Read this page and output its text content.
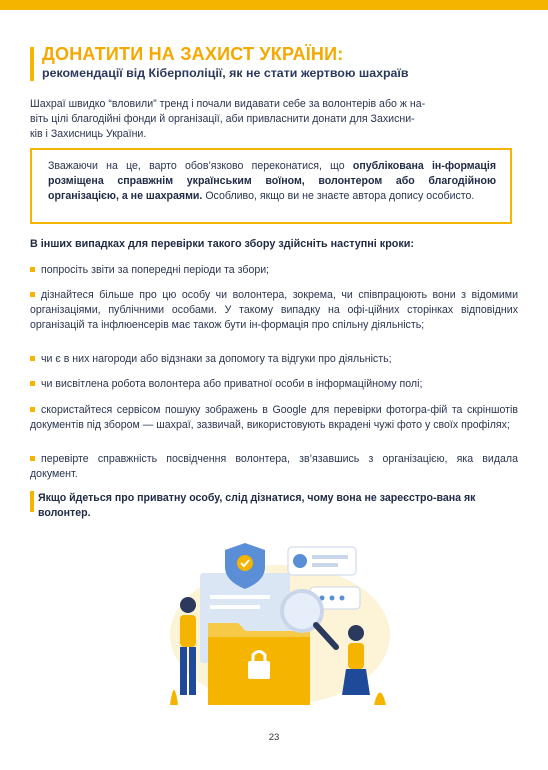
ДОНАТИТИ НА ЗАХИСТ УКРАЇНИ:
рекомендації від Кіберполіції, як не стати жертвою шахраїв
Шахраї швидко “вловили” тренд і почали видавати себе за волонтерів або ж на-
віть цілі благодійні фонди й організації, аби привласнити донати для Захисни-
ків і Захисниць України.
Зважаючи на це, варто обов’язково переконатися, що опублікована ін-формація розміщена справжнім українським воїном, волонтером або благодійною організацією, а не шахраями. Особливо, якщо ви не знаєте автора допису особисто.
В інших випадках для перевірки такого збору здійсніть наступні кроки:
попросіть звіти за попередні періоди та збори;
дізнайтеся більше про цю особу чи волонтера, зокрема, чи співпрацюють вони з відомими організаціями, публічними особами. У такому випадку на офі-ційних сторінках відповідних організацій та інфлюенсерів має також бути ін-формація про спільну діяльність;
чи є в них нагороди або відзнаки за допомогу та відгуки про діяльність;
чи висвітлена робота волонтера або приватної особи в інформаційному полі;
скористайтеся сервісом пошуку зображень в Google для перевірки фотогра-фій та скріншотів документів під збором — шахраї, зазвичай, використовують вкрадені чужі фото у своїх профілях;
перевірте справжність посвідчення волонтера, зв’язавшись з організацією, яка видала документ.
Якщо йдеться про приватну особу, слід дізнатися, чому вона не зареєстро-вана як волонтер.
23
